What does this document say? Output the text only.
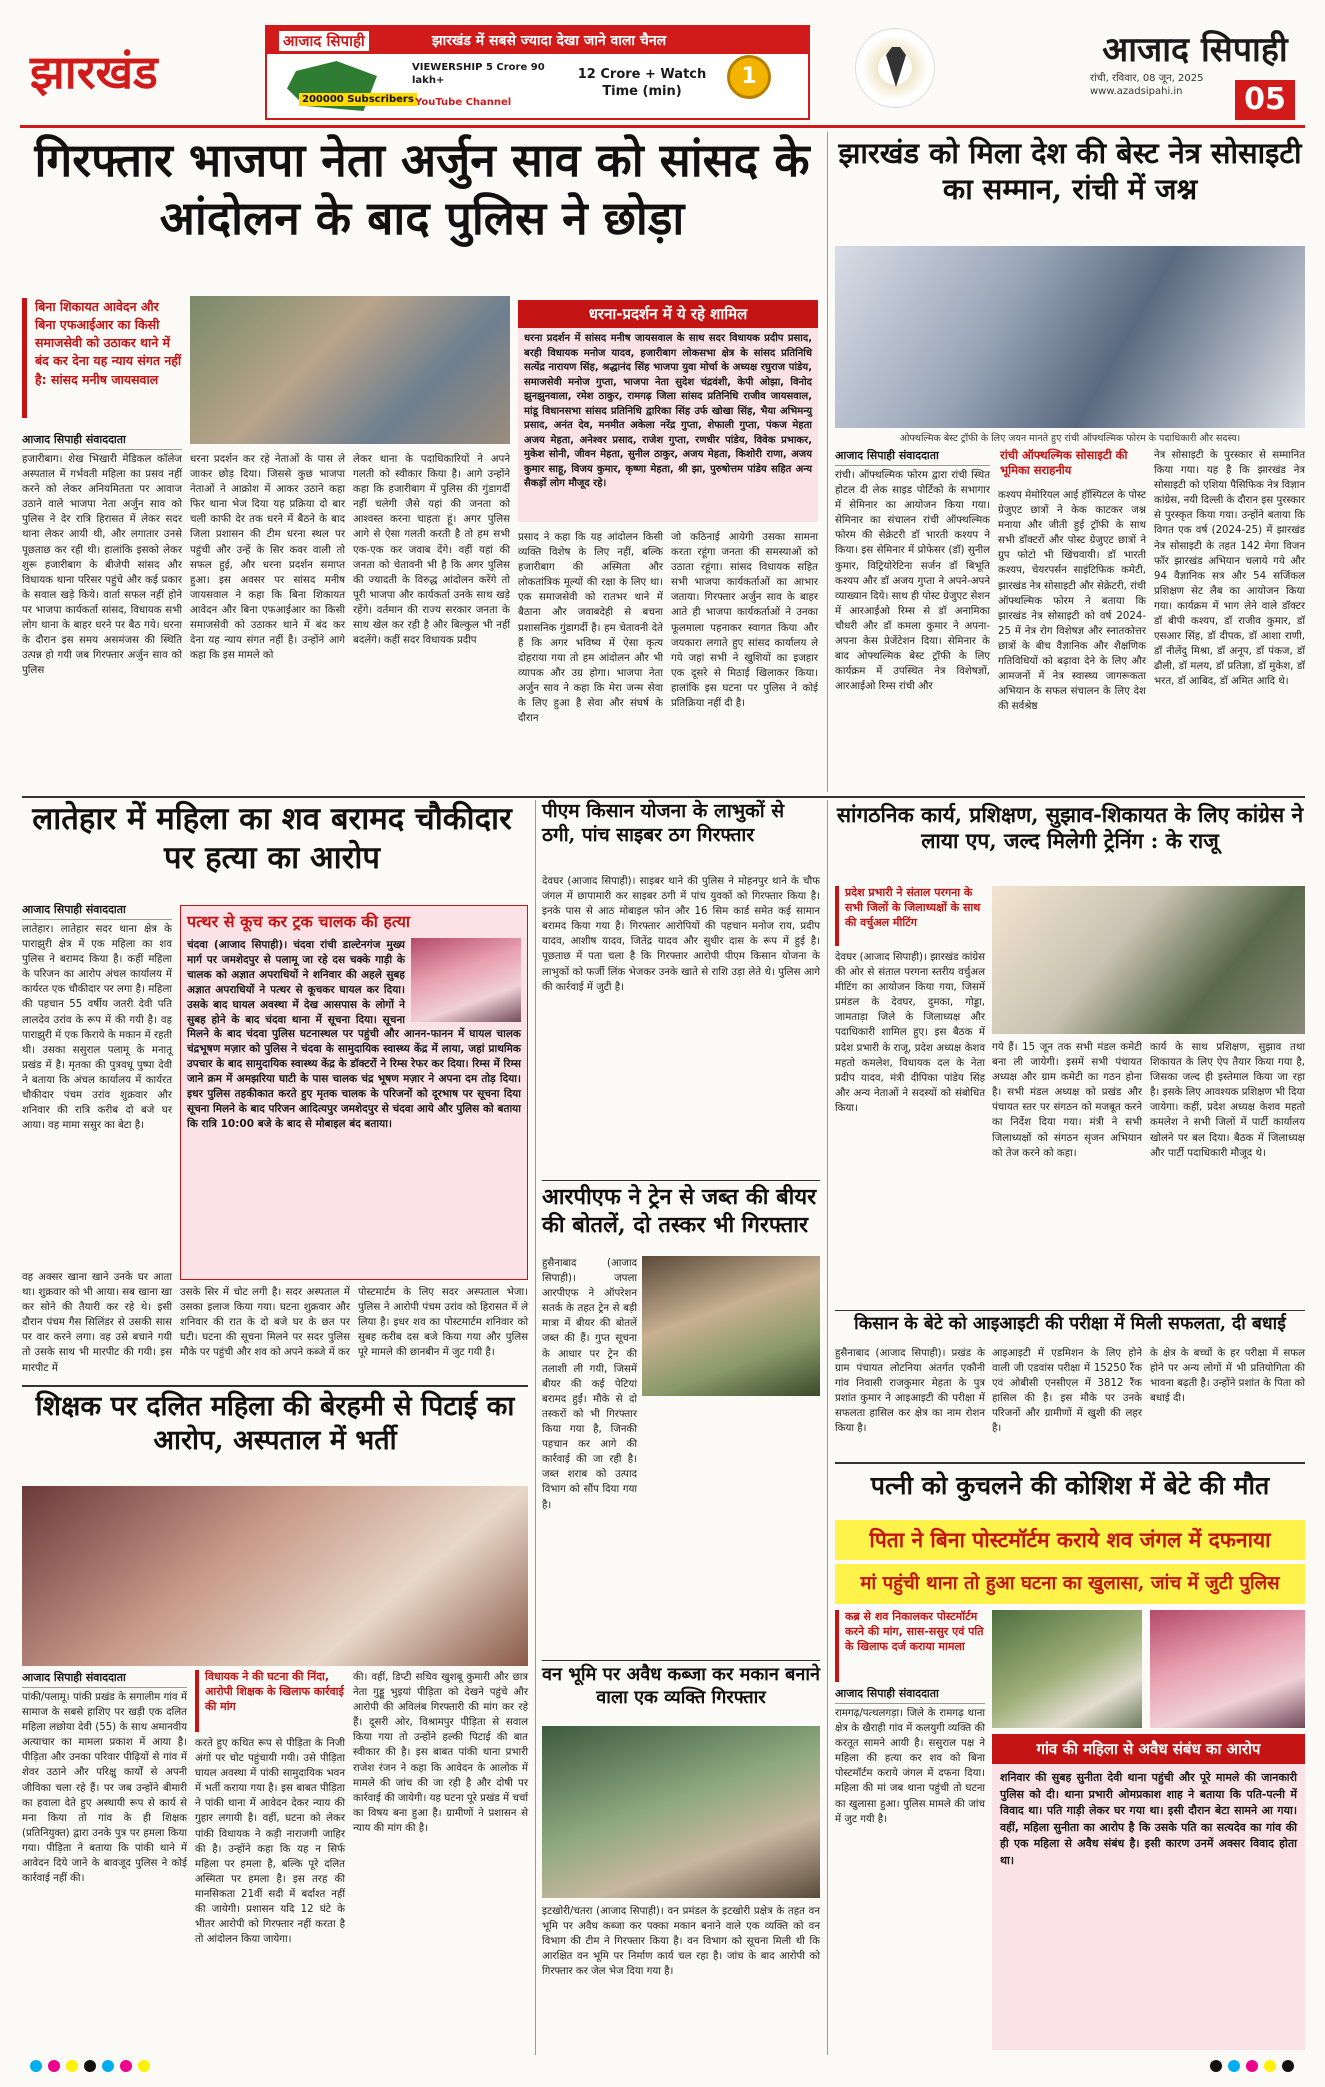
झारखंड
झारखंड में सबसे ज्यादा देखा जाने वाला चैनल
आजाद सिपाही
200000 Subscribers
VIEWERSHIP 5 Crore 90 lakh+
YouTube Channel
12 Crore + Watch Time (min)
1
आजाद सिपाही
रांची, रविवार, 08 जून, 2025
www.azadsipahi.in	05
गिरफ्तार भाजपा नेता अर्जुन साव को सांसद के आंदोलन के बाद पुलिस ने छोड़ा
बिना शिकायत आवेदन और बिना एफआईआर का किसी समाजसेवी को उठाकर थाने में बंद कर देना यह न्याय संगत नहीं है: सांसद मनीष जायसवाल
आजाद सिपाही संवाददाता
हजारीबाग। शेख भिखारी मेडिकल कॉलेज अस्पताल में गर्भवती महिला का प्रसव नहीं करने को लेकर अनियमितता पर आवाज उठाने वाले भाजपा नेता अर्जुन साव को पुलिस ने देर रात्रि हिरासत में लेकर सदर थाना लेकर आयी थी, और लगातार उनसे पूछताछ कर रही थी। हालांकि इसको लेकर शुरू हजारीबाग के बीजेपी सांसद और विधायक थाना परिसर पहुंचे और कई प्रकार के सवाल खड़े किये। वार्ता सफल नहीं होने पर भाजपा कार्यकर्ता सांसद, विधायक सभी लोग थाना के बाहर धरने पर बैठ गये। धरना के दौरान इस समय असमंजस की स्थिति उत्पन्न हो गयी जब गिरफ्तार अर्जुन साव को पुलिस
धरना प्रदर्शन कर रहे नेताओं के पास ले जाकर छोड़ दिया। जिससे कुछ भाजपा नेताओं ने आक्रोश में आकर उठाने कहा फिर थाना भेज दिया यह प्रक्रिया दो बार चली काफी देर तक धरने में बैठने के बाद जिला प्रशासन की टीम धरना स्थल पर पहुंची और उन्हें के सिर कवर वाली तो सफल हुई, और धरना प्रदर्शन समाप्त हुआ। इस अवसर पर सांसद मनीष जायसवाल ने कहा कि बिना शिकायत आवेदन और बिना एफआईआर का किसी समाजसेवी को उठाकर थाने में बंद कर देना यह न्याय संगत नहीं है। उन्होंने आगे कहा कि इस मामले को
लेकर थाना के पदाधिकारियों ने अपने गलती को स्वीकार किया है। आगे उन्होंने कहा कि हजारीबाग में पुलिस की गुंडागर्दी नहीं चलेगी जैसे यहां की जनता को आश्वस्त करना चाहता हूं। अगर पुलिस आगे से ऐसा गलती करती है तो हम सभी एक-एक कर जवाब देंगे। वहीं यहां की जनता को चेतावनी भी है कि अगर पुलिस की ज्यादती के विरुद्ध आंदोलन करेंगे तो पूरी भाजपा और कार्यकर्ता उनके साथ खड़े रहेंगे। वर्तमान की राज्य सरकार जनता के साथ खेल कर रही है और बिल्कुल भी नहीं बदलेंगे। कहीं सदर विधायक प्रदीप
धरना-प्रदर्शन में ये रहे शामिल
धरना प्रदर्शन में सांसद मनीष जायसवाल के साथ सदर विधायक प्रदीप प्रसाद, बरही विधायक मनोज यादव, हजारीबाग लोकसभा क्षेत्र के सांसद प्रतिनिधि सत्येंद्र नारायण सिंह, श्रद्धानंद सिंह भाजपा युवा मोर्चा के अध्यक्ष रघुराज पांडेय, समाजसेवी मनोज गुप्ता, भाजपा नेता सुदेश चंद्रवंशी, केपी ओझा, विनोद झुनझुनवाला, रमेश ठाकुर, रामगढ़ जिला सांसद प्रतिनिधि राजीव जायसवाल, मांडू विधानसभा सांसद प्रतिनिधि द्वारिका सिंह उर्फ खोखा सिंह, भैया अभिमन्यु प्रसाद, अनंत देव, मनमीत अकेला नरेंद्र गुप्ता, शेफाली गुप्ता, पंकज मेहता अजय मेहता, अनेश्वर प्रसाद, राजेश गुप्ता, रणधीर पांडेय, विवेक प्रभाकर, मुकेश सोनी, जीवन मेहता, सुनील ठाकुर, अजय मेहता, किशोरी राणा, अजय कुमार साहू, विजय कुमार, कृष्णा मेहता, श्री झा, पुरुषोत्तम पांडेय सहित अन्य सैकड़ों लोग मौजूद रहे।
प्रसाद ने कहा कि यह आंदोलन किसी व्यक्ति विशेष के लिए नहीं, बल्कि हजारीबाग की अस्मिता और लोकतांत्रिक मूल्यों की रक्षा के लिए था। एक समाजसेवी को रातभर थाने में बैठाना और जवाबदेही से बचना प्रशासनिक गुंडागर्दी है। हम चेतावनी देते हैं कि अगर भविष्य में ऐसा कृत्य दोहराया गया तो हम आंदोलन और भी व्यापक और उग्र होगा। भाजपा नेता अर्जुन साव ने कहा कि मेरा जन्म सेवा के लिए हुआ है सेवा और संघर्ष के दौरान
जो कठिनाई आयेगी उसका सामना करता रहूंगा जनता की समस्याओं को उठाता रहूंगा। सांसद विधायक सहित सभी भाजपा कार्यकर्ताओं का आभार जताया। गिरफ्तार अर्जुन साव के बाहर आते ही भाजपा कार्यकर्ताओं ने उनका फूलमाला पहनाकर स्वागत किया और जयकारा लगाते हुए सांसद कार्यालय ले गये जहां सभी ने खुशियों का इजहार एक दूसरे से मिठाई खिलाकर किया। हालांकि इस घटना पर पुलिस ने कोई प्रतिक्रिया नहीं दी है।
झारखंड को मिला देश की बेस्ट नेत्र सोसाइटी का सम्मान, रांची में जश्न
ओफ्थल्मिक बेस्ट ट्रॉफी के लिए जयन मानते हुए रांची ऑफ्थल्मिक फोरम के पदाधिकारी और सदस्य।
आजाद सिपाही संवाददाता	रांची ऑफ्थल्मिक सोसाइटी की भूमिका सराहनीय
रांची। ऑफ्थल्मिक फोरम द्वारा रांची स्थित होटल दी लेक साइड पोर्टिको के सभागार में सेमिनार का आयोजन किया गया। सेमिनार का संचालन रांची ऑफ्थल्मिक फोरम की सेक्रेटरी डॉ भारती कश्यप ने किया। इस सेमिनार में प्रोफेसर (डॉ) सुनील कुमार, विट्रियोरेटिना सर्जन डॉ बिभूति कश्यप और डॉ अजय गुप्ता ने अपने-अपने व्याख्यान दिये। साथ ही पोस्ट ग्रेजुएट सेशन में आरआईओ रिम्स से डॉ अनामिका चौधरी और डॉ कमला कुमार ने अपना-अपना केस प्रेजेंटेशन दिया। सेमिनार के बाद ओफ्थल्मिक बेस्ट ट्रॉफी के लिए कार्यक्रम में उपस्थित नेत्र विशेषज्ञों, आरआईओ रिम्स रांची और
कश्यप मेमोरियल आई हॉस्पिटल के पोस्ट ग्रेजुएट छात्रों ने केक काटकर जश्न मनाया और जीती हुई ट्रॉफी के साथ सभी डॉक्टरों और पोस्ट ग्रेजुएट छात्रों ने ग्रुप फोटो भी खिंचवायी। डॉ भारती कश्यप, चेयरपर्सन साइंटिफिक कमेटी, झारखंड नेत्र सोसाइटी और सेक्रेटरी, रांची ऑफ्थल्मिक फोरम ने बताया कि झारखंड नेत्र सोसाइटी को वर्ष 2024-25 में नेत्र रोग विशेषज्ञ और स्नातकोत्तर छात्रों के बीच वैज्ञानिक और शैक्षणिक गतिविधियों को बढ़ावा देने के लिए और आमजनों में नेत्र स्वास्थ्य जागरूकता अभियान के सफल संचालन के लिए देश की सर्वश्रेष्ठ
नेत्र सोसाइटी के पुरस्कार से सम्मानित किया गया। यह है कि झारखंड नेत्र सोसाइटी को एशिया पैसिफिक नेत्र विज्ञान कांग्रेस, नयी दिल्ली के दौरान इस पुरस्कार से पुरस्कृत किया गया। उन्होंने बताया कि विगत एक वर्ष (2024-25) में झारखंड नेत्र सोसाइटी के तहत 142 मेगा विजन फॉर झारखंड अभियान चलाये गये और 94 वैज्ञानिक सत्र और 54 सर्जिकल प्रशिक्षण सेट लैब का आयोजन किया गया। कार्यक्रम में भाग लेने वाले डॉक्टर डॉ बीपी कश्यप, डॉ राजीव कुमार, डॉ एसआर सिंह, डॉ दीपक, डॉ आशा राणी, डॉ नीलेंदु मिश्रा, डॉ अनूप, डॉ पंकज, डॉ ढौली, डॉ मलय, डॉ प्रतिज्ञा, डॉ मुकेश, डॉ भरत, डॉ आबिद, डॉ अमित आदि थे।
लातेहार में महिला का शव बरामद चौकीदार पर हत्या का आरोप
आजाद सिपाही संवाददाता
लातेहार। लातेहार सदर थाना क्षेत्र के पाराझुरी क्षेत्र में एक महिला का शव पुलिस ने बरामद किया है। कहीं महिला के परिजन का आरोप अंचल कार्यालय में कार्यरत एक चौकीदार पर लगा है। महिला की पहचान 55 वर्षीय जतरी देवी पति लालदेव उरांव के रूप में की गयी है। वह पाराझुरी में एक किराये के मकान में रहती थी। उसका ससुराल पलामू के मनातू प्रखंड में है। मृतका की पुत्रवधू पुष्पा देवी ने बताया कि अंचल कार्यालय में कार्यरत चौकीदार पंचम उरांव शुक्रवार और शनिवार की रात्रि करीब दो बजे घर आया। वह मामा ससुर का बेटा है।
वह अक्सर खाना खाने उनके घर आता था। शुक्रवार को भी आया। सब खाना खा कर सोने की तैयारी कर रहे थे। इसी दौरान पंचम गैस सिलिंडर से उसकी सास पर वार करने लगा। वह उसे बचाने गयी तो उसके साथ भी मारपीट की गयी। इस मारपीट में
पत्थर से कूच कर ट्रक चालक की हत्या
चंदवा (आजाद सिपाही)। चंदवा रांची डाल्टेनगंज मुख्य मार्ग पर जमशेदपुर से पलामू जा रहे दस चक्के गाड़ी के चालक को अज्ञात अपराधियों ने शनिवार की अहले सुबह अज्ञात अपराधियों ने पत्थर से कूचकर घायल कर दिया। उसके बाद घायल अवस्था में देख आसपास के लोगों ने सुबह होने के बाद चंदवा थाना में सूचना दिया। सूचना मिलने के बाद चंदवा पुलिस घटनास्थल पर पहुंची और आनन-फानन में घायल चालक चंद्रभूषण मज़ार को पुलिस ने चंदवा के सामुदायिक स्वास्थ्य केंद्र में लाया, जहां प्राथमिक उपचार के बाद सामुदायिक स्वास्थ्य केंद्र के डॉक्टरों ने रिम्स रेफर कर दिया। रिम्स में रिम्स जाने क्रम में अमझरिया घाटी के पास चालक चंद्र भूषण मज़ार ने अपना दम तोड़ दिया। इधर पुलिस तहकीकात करते हुए मृतक चालक के परिजनों को दूरभाष पर सूचना दिया सूचना मिलने के बाद परिजन आदित्यपुर जमशेदपुर से चंदवा आये और पुलिस को बताया कि रात्रि 10:00 बजे के बाद से मोबाइल बंद बताया।
उसके सिर में चोट लगी है। सदर अस्पताल में उसका इलाज किया गया। घटना शुक्रवार और शनिवार की रात के दो बजे घर के छत पर घटी। घटना की सूचना मिलने पर सदर पुलिस मौके पर पहुंची और शव को अपने कब्जे में कर
पोस्टमार्टम के लिए सदर अस्पताल भेजा। पुलिस ने आरोपी पंचम उरांव को हिरासत में ले लिया है। इधर शव का पोस्टमार्टम शनिवार को सुबह करीब दस बजे किया गया और पुलिस पूरे मामले की छानबीन में जुट गयी है।
शिक्षक पर दलित महिला की बेरहमी से पिटाई का आरोप, अस्पताल में भर्ती
आजाद सिपाही संवाददाता
पांकी/पलामू। पांकी प्रखंड के सगालीम गांव में सामाज के सबसे हाशिए पर खड़ी एक दलित महिला लछोया देवी (55) के साथ अमानवीय अत्याचार का मामला प्रकाश में आया है। पीड़िता और उनका परिवार पीढ़ियों से गांव में शेवर उठाने और परिक्षु कार्यों से अपनी जीविका चला रहे हैं। पर जब उन्होंने बीमारी का हवाला देते हुए अस्थायी रूप से कार्य से मना किया तो गांव के ही शिक्षक (प्रतिनियुक्त) द्वारा उनके पुत्र पर हमला किया गया। पीड़िता ने बताया कि पांकी थाने में आवेदन दिये जाने के बावजूद पुलिस ने कोई कार्रवाई नहीं की।
विधायक ने की घटना की निंदा, आरोपी शिक्षक के खिलाफ कार्रवाई की मांग
करते हुए कथित रूप से पीड़िता के निजी अंगों पर चोट पहुंचायी गयी। उसे पीड़िता घायल अवस्था में पांकी सामुदायिक भवन में भर्ती कराया गया है। इस बाबत पीड़िता ने पांकी थाना में आवेदन देकर न्याय की गुहार लगायी है। वहीं, घटना को लेकर पांकी विधायक ने कड़ी नाराजगी जाहिर की है। उन्होंने कहा कि यह न सिर्फ महिला पर हमला है, बल्कि पूरे दलित अस्मिता पर हमला है। इस तरह की मानसिकता 21वीं सदी में बर्दाश्त नहीं की जायेगी। प्रशासन यदि 12 घंटे के भीतर आरोपी को गिरफ्तार नहीं करता है तो आंदोलन किया जायेगा।
की। वहीं, डिप्टी सचिव खुशबू कुमारी और छात्र नेता गुड्डू भुइयां पीड़िता को देखने पहुंचे और आरोपी की अविलंब गिरफ्तारी की मांग कर रहे हैं। दूसरी ओर, विश्रामपुर पीड़िता से सवाल किया गया तो उन्होंने हल्की पिटाई की बात स्वीकार की है। इस बाबत पांकी थाना प्रभारी राजेश रंजन ने कहा कि आवेदन के आलोक में मामले की जांच की जा रही है और दोषी पर कार्रवाई की जायेगी। यह घटना पूरे प्रखंड में चर्चा का विषय बना हुआ है। ग्रामीणों ने प्रशासन से न्याय की मांग की है।
पीएम किसान योजना के लाभुकों से ठगी, पांच साइबर ठग गिरफ्तार
देवघर (आजाद सिपाही)। साइबर थाने की पुलिस ने मोहनपुर थाने के चौफ जंगल में छापामारी कर साइबर ठगी में पांच युवकों को गिरफ्तार किया है। इनके पास से आठ मोबाइल फोन और 16 सिम कार्ड समेत कई सामान बरामद किया गया है। गिरफ्तार आरोपियों की पहचान मनोज राय, प्रदीप यादव, आशीष यादव, जितेंद्र यादव और सुधीर दास के रूप में हुई है। पूछताछ में पता चला है कि गिरफ्तार आरोपी पीएम किसान योजना के लाभुकों को फर्जी लिंक भेजकर उनके खाते से राशि उड़ा लेते थे। पुलिस आगे की कार्रवाई में जुटी है।
आरपीएफ ने ट्रेन से जब्त की बीयर की बोतलें, दो तस्कर भी गिरफ्तार
हुसैनाबाद (आजाद सिपाही)। जपला आरपीएफ ने ऑपरेशन सतर्क के तहत ट्रेन से बड़ी मात्रा में बीयर की बोतलें जब्त की हैं। गुप्त सूचना के आधार पर ट्रेन की तलाशी ली गयी, जिसमें बीयर की कई पेटियां बरामद हुईं। मौके से दो तस्करों को भी गिरफ्तार किया गया है, जिनकी पहचान कर आगे की कार्रवाई की जा रही है। जब्त शराब को उत्पाद विभाग को सौंप दिया गया है।
वन भूमि पर अवैध कब्जा कर मकान बनाने वाला एक व्यक्ति गिरफ्तार
इटखोरी/चतरा (आजाद सिपाही)। वन प्रमंडल के इटखोरी प्रक्षेत्र के तहत वन भूमि पर अवैध कब्जा कर पक्का मकान बनाने वाले एक व्यक्ति को वन विभाग की टीम ने गिरफ्तार किया है। वन विभाग को सूचना मिली थी कि आरक्षित वन भूमि पर निर्माण कार्य चल रहा है। जांच के बाद आरोपी को गिरफ्तार कर जेल भेज दिया गया है।
सांगठनिक कार्य, प्रशिक्षण, सुझाव-शिकायत के लिए कांग्रेस ने लाया एप, जल्द मिलेगी ट्रेनिंग : के राजू
प्रदेश प्रभारी ने संताल परगना के सभी जिलों के जिलाध्यक्षों के साथ की वर्चुअल मीटिंग
देवघर (आजाद सिपाही)। झारखंड कांग्रेस की ओर से संताल परगना स्तरीय वर्चुअल मीटिंग का आयोजन किया गया, जिसमें प्रमंडल के देवघर, दुमका, गोड्डा, जामताड़ा जिले के जिलाध्यक्ष और पदाधिकारी शामिल हुए। इस बैठक में प्रदेश प्रभारी के राजू, प्रदेश अध्यक्ष केशव महतो कमलेश, विधायक दल के नेता प्रदीप यादव, मंत्री दीपिका पांडेय सिंह और अन्य नेताओं ने सदस्यों को संबोधित किया।
गये हैं। 15 जून तक सभी मंडल कमेटी बना ली जायेगी। इसमें सभी पंचायत अध्यक्ष और ग्राम कमेटी का गठन होना है। सभी मंडल अध्यक्ष को प्रखंड और पंचायत स्तर पर संगठन को मजबूत करने का निर्देश दिया गया। मंत्री ने सभी जिलाध्यक्षों को संगठन सृजन अभियान को तेज करने को कहा।
कार्य के साथ प्रशिक्षण, सुझाव तथा शिकायत के लिए ऐप तैयार किया गया है, जिसका जल्द ही इस्तेमाल किया जा रहा है। इसके लिए आवश्यक प्रशिक्षण भी दिया जायेगा। कहीं, प्रदेश अध्यक्ष केशव महतो कमलेश ने सभी जिलों में पार्टी कार्यालय खोलने पर बल दिया। बैठक में जिलाध्यक्ष और पार्टी पदाधिकारी मौजूद थे।
किसान के बेटे को आइआइटी की परीक्षा में मिली सफलता, दी बधाई
हुसैनाबाद (आजाद सिपाही)। प्रखंड के ग्राम पंचायत लोटनिया अंतर्गत एकौनी गांव निवासी राजकुमार मेहता के पुत्र प्रशांत कुमार ने आइआइटी की परीक्षा में सफलता हासिल कर क्षेत्र का नाम रोशन किया है।
आइआइटी में एडमिशन के लिए होने वाली जी एडवांस परीक्षा में 15250 रैंक एवं ओबीसी एनसीएल में 3812 रैंक हासिल की है। इस मौके पर उनके परिजनों और ग्रामीणों में खुशी की लहर है।
के क्षेत्र के बच्चों के हर परीक्षा में सफल होने पर अन्य लोगों में भी प्रतियोगिता की भावना बढ़ती है। उन्होंने प्रशांत के पिता को बधाई दी।
पत्नी को कुचलने की कोशिश में बेटे की मौत
पिता ने बिना पोस्टमॉर्टम कराये शव जंगल में दफनाया
मां पहुंची थाना तो हुआ घटना का खुलासा, जांच में जुटी पुलिस
कब्र से शव निकालकर पोस्टमॉर्टम करने की मांग, सास-ससुर एवं पति के खिलाफ दर्ज कराया मामला
आजाद सिपाही संवाददाता
रामगढ़/पत्थलगड़ा। जिले के रामगढ़ थाना क्षेत्र के खैराही गांव में कलयुगी व्यक्ति की करतूत सामने आयी है। ससुराल पक्ष ने महिला की हत्या कर शव को बिना पोस्टमॉर्टम कराये जंगल में दफना दिया। महिला की मां जब थाना पहुंची तो घटना का खुलासा हुआ। पुलिस मामले की जांच में जुट गयी है।
गांव की महिला से अवैध संबंध का आरोप
शनिवार की सुबह सुनीता देवी थाना पहुंची और पूरे मामले की जानकारी पुलिस को दी। थाना प्रभारी ओमप्रकाश शाह ने बताया कि पति-पत्नी में विवाद था। पति गाड़ी लेकर घर गया था। इसी दौरान बेटा सामने आ गया। वहीं, महिला सुनीता का आरोप है कि उसके पति का सत्यदेव का गांव की ही एक महिला से अवैध संबंध है। इसी कारण उनमें अक्सर विवाद होता था।
